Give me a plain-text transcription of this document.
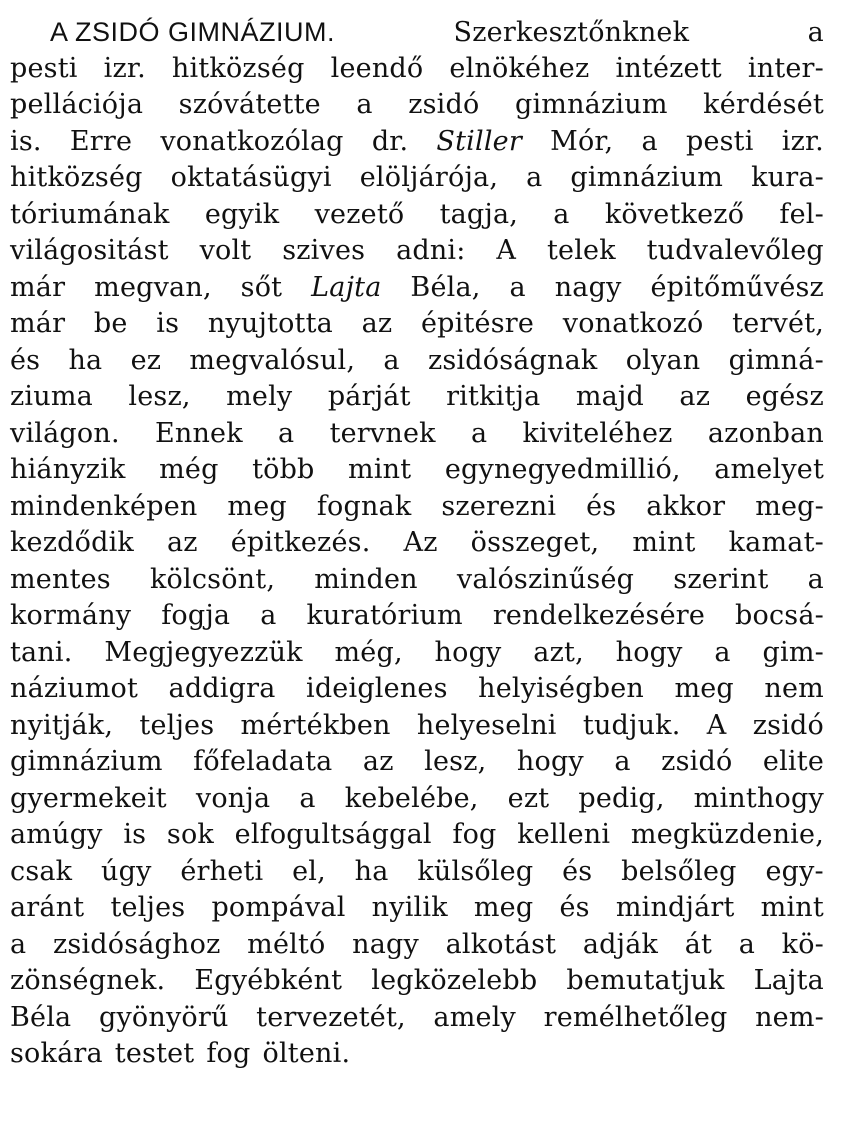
A ZSIDÓ GIMNÁZIUM.	Szerkesztőnknek	a
pesti izr. hitközség leendő elnökéhez intézett inter-
pellációja szóvátette a zsidó gimnázium kérdését
is. Erre vonatkozólag dr. Stiller Mór, a pesti izr.
hitközség oktatásügyi elöljárója, a gimnázium kura-
tóriumának egyik vezető tagja, a következő fel-
világositást volt szives adni: A telek tudvalevőleg
már megvan, sőt Lajta Béla, a nagy épitőművész
már be is nyujtotta az épitésre vonatkozó tervét,
és ha ez megvalósul, a zsidóságnak olyan gimná-
ziuma lesz, mely párját ritkitja majd az egész
világon. Ennek a tervnek a kiviteléhez azonban
hiányzik még több mint egynegyedmillió, amelyet
mindenképen meg fognak szerezni és akkor meg-
kezdődik az épitkezés. Az összeget, mint kamat-
mentes kölcsönt, minden valószinűség szerint a
kormány fogja a kuratórium rendelkezésére bocsá-
tani. Megjegyezzük még, hogy azt, hogy a gim-
náziumot addigra ideiglenes helyiségben meg nem
nyitják, teljes mértékben helyeselni tudjuk. A zsidó
gimnázium főfeladata az lesz, hogy a zsidó elite
gyermekeit vonja a kebelébe, ezt pedig, minthogy
amúgy is sok elfogultsággal fog kelleni megküzdenie,
csak úgy érheti el, ha külsőleg és belsőleg egy-
aránt teljes pompával nyilik meg és mindjárt mint
a zsidósághoz méltó nagy alkotást adják át a kö-
zönségnek. Egyébként legközelebb bemutatjuk Lajta
Béla gyönyörű tervezetét, amely remélhetőleg nem-
sokára testet fog ölteni.
